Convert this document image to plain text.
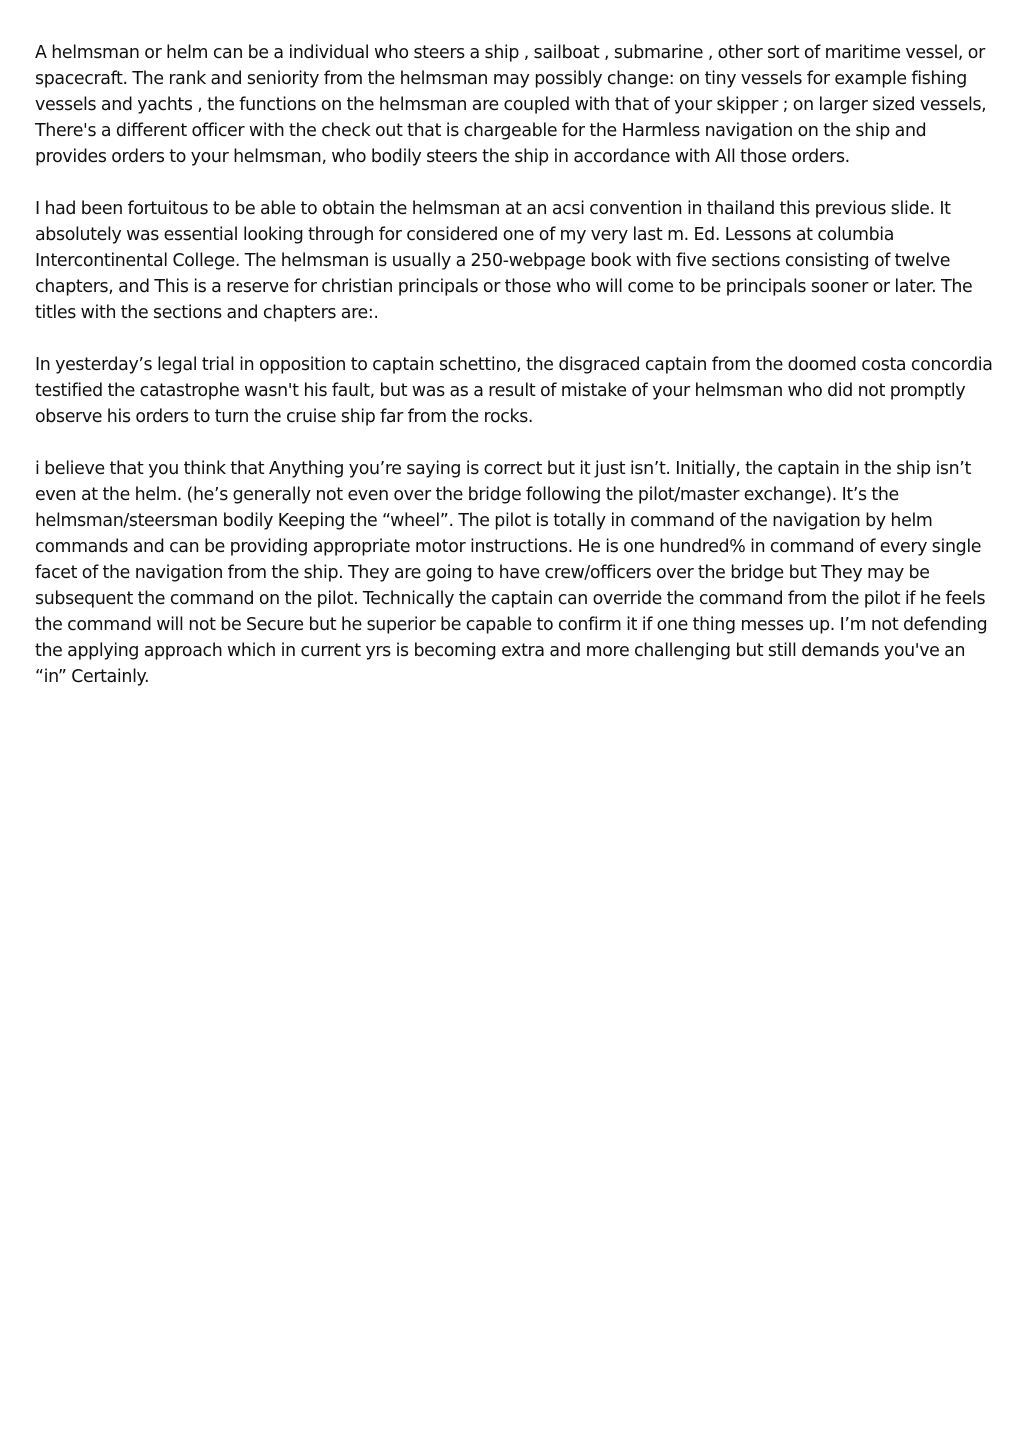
A helmsman or helm can be a individual who steers a ship , sailboat , submarine , other sort of maritime vessel, or spacecraft. The rank and seniority from the helmsman may possibly change: on tiny vessels for example fishing vessels and yachts , the functions on the helmsman are coupled with that of your skipper ; on larger sized vessels, There's a different officer with the check out that is chargeable for the Harmless navigation on the ship and provides orders to your helmsman, who bodily steers the ship in accordance with All those orders.

I had been fortuitous to be able to obtain the helmsman at an acsi convention in thailand this previous slide. It absolutely was essential looking through for considered one of my very last m. Ed. Lessons at columbia Intercontinental College. The helmsman is usually a 250-webpage book with five sections consisting of twelve chapters, and This is a reserve for christian principals or those who will come to be principals sooner or later. The titles with the sections and chapters are:.

In yesterday’s legal trial in opposition to captain schettino, the disgraced captain from the doomed costa concordia testified the catastrophe wasn't his fault, but was as a result of mistake of your helmsman who did not promptly observe his orders to turn the cruise ship far from the rocks.

i believe that you think that Anything you’re saying is correct but it just isn’t. Initially, the captain in the ship isn’t even at the helm. (he’s generally not even over the bridge following the pilot/master exchange). It’s the helmsman/steersman bodily Keeping the “wheel”. The pilot is totally in command of the navigation by helm commands and can be providing appropriate motor instructions. He is one hundred% in command of every single facet of the navigation from the ship. They are going to have crew/officers over the bridge but They may be subsequent the command on the pilot. Technically the captain can override the command from the pilot if he feels the command will not be Secure but he superior be capable to confirm it if one thing messes up. I’m not defending the applying approach which in current yrs is becoming extra and more challenging but still demands you've an “in” Certainly.
